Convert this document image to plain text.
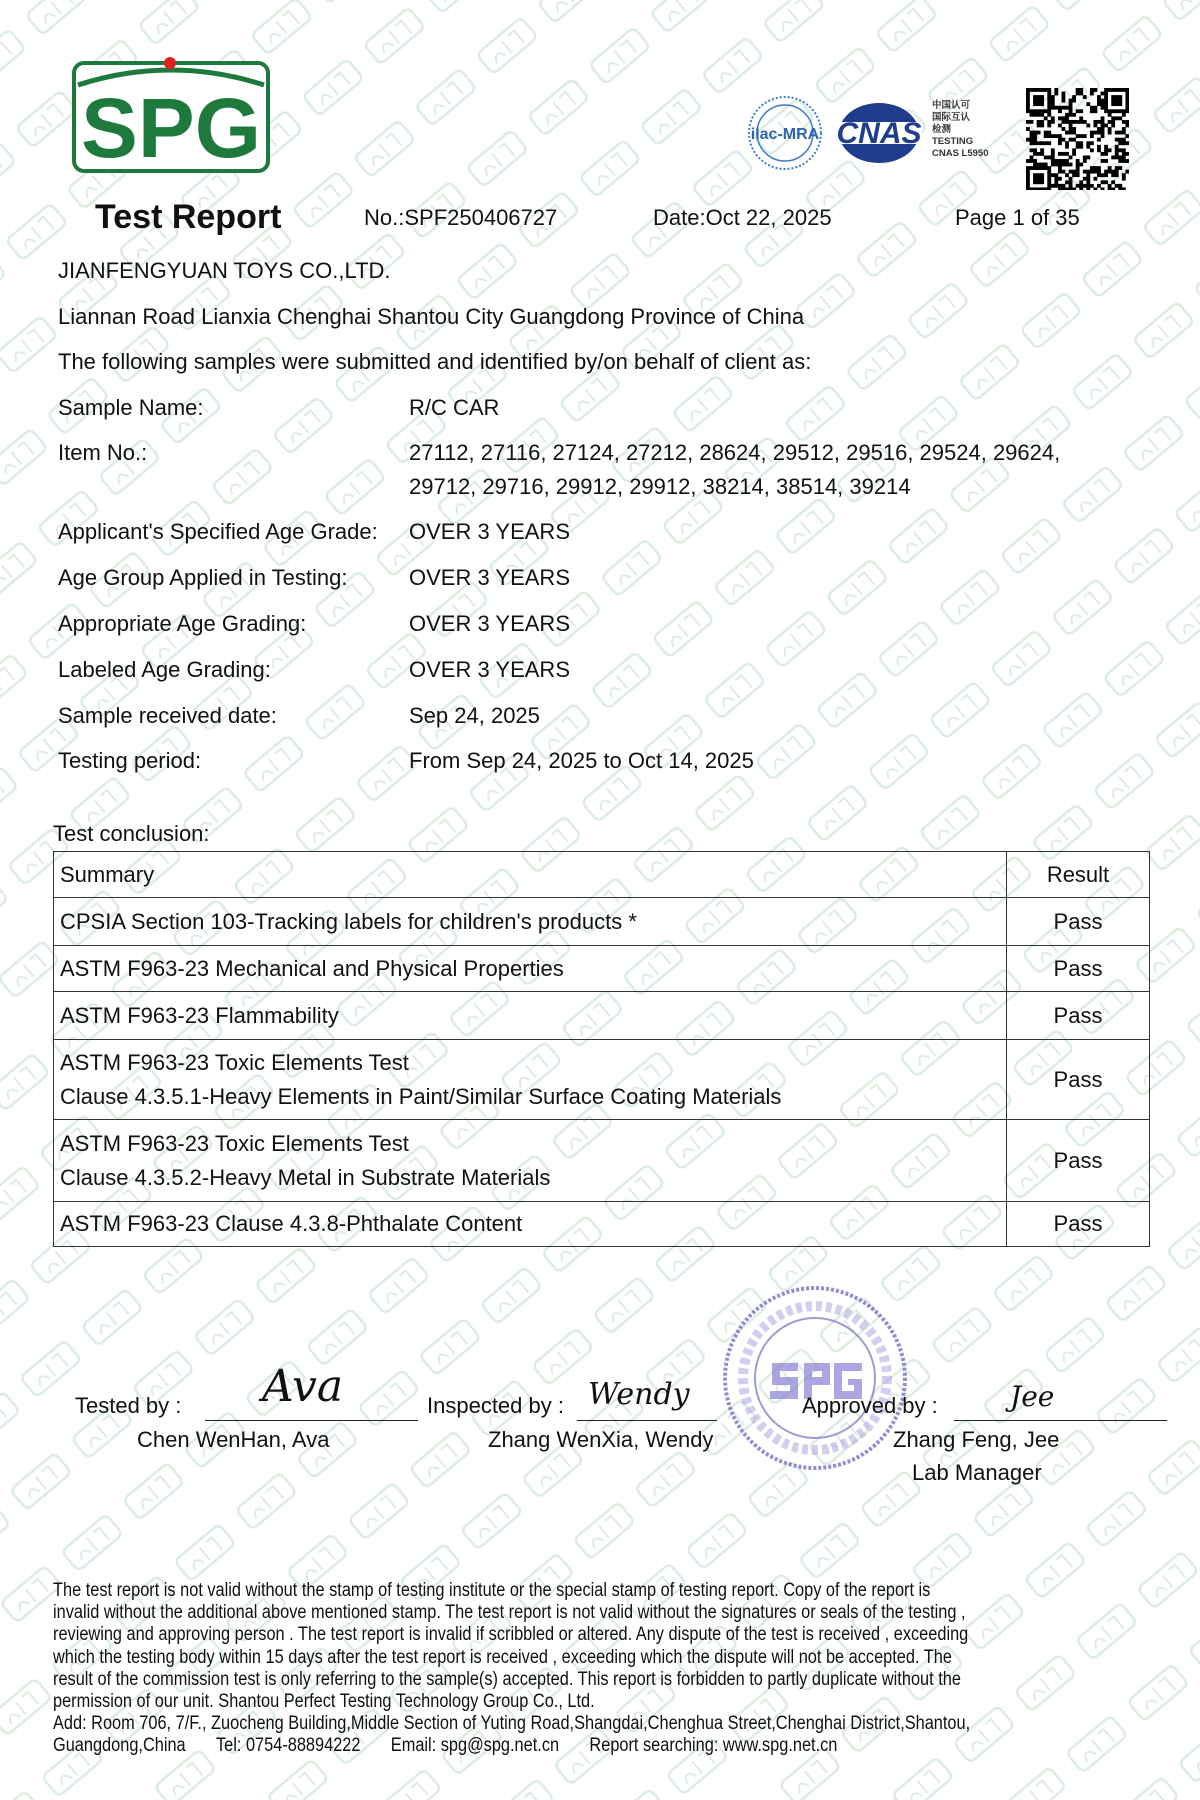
SPG	ilac-MRA CNAS
中国认可
国际互认
检测
TESTING
CNAS L5950
Test Report	No.:SPF250406727	Date:Oct 22, 2025	Page 1 of 35
JIANFENGYUAN TOYS CO.,LTD.
Liannan Road Lianxia Chenghai Shantou City Guangdong Province of China
The following samples were submitted and identified by/on behalf of client as:
Sample Name:	R/C CAR
Item No.:	27112, 27116, 27124, 27212, 28624, 29512, 29516, 29524, 29624,
29712, 29716, 29912, 29912, 38214, 38514, 39214
Applicant's Specified Age Grade: OVER 3 YEARS
Age Group Applied in Testing:	OVER 3 YEARS
Appropriate Age Grading:	OVER 3 YEARS
Labeled Age Grading:	OVER 3 YEARS
Sample received date:	Sep 24, 2025
Testing period:	From Sep 24, 2025 to Oct 14, 2025
Test conclusion:
Summary	Result
CPSIA Section 103-Tracking labels for children's products *	Pass
ASTM F963-23 Mechanical and Physical Properties	Pass
ASTM F963-23 Flammability	Pass

ASTM F963-23 Toxic Elements Test
Clause 4.3.5.1-Heavy Elements in Paint/Similar Surface Coating Materials	Pass

ASTM F963-23 Toxic Elements Test
Clause 4.3.5.2-Heavy Metal in Substrate Materials	Pass
ASTM F963-23 Clause 4.3.8-Phthalate Content	Pass
Tested by : Ava
Chen WenHan, Ava
Inspected by : Wendy
Zhang WenXia, Wendy
Approved by :	Jee
Zhang Feng, Jee
Lab Manager
The test report is not valid without the stamp of testing institute or the special stamp of testing report. Copy of the report is
invalid without the additional above mentioned stamp. The test report is not valid without the signatures or seals of the testing ,
reviewing and approving person . The test report is invalid if scribbled or altered. Any dispute of the test is received , exceeding
which the testing body within 15 days after the test report is received , exceeding which the dispute will not be accepted. The
result of the commission test is only referring to the sample(s) accepted. This report is forbidden to partly duplicate without the
permission of our unit. Shantou Perfect Testing Technology Group Co., Ltd.
Add: Room 706, 7/F., Zuocheng Building,Middle Section of Yuting Road,Shangdai,Chenghua Street,Chenghai District,Shantou,
Guangdong,China Tel: 0754-88894222 Email: spg@spg.net.cn Report searching: www.spg.net.cn
